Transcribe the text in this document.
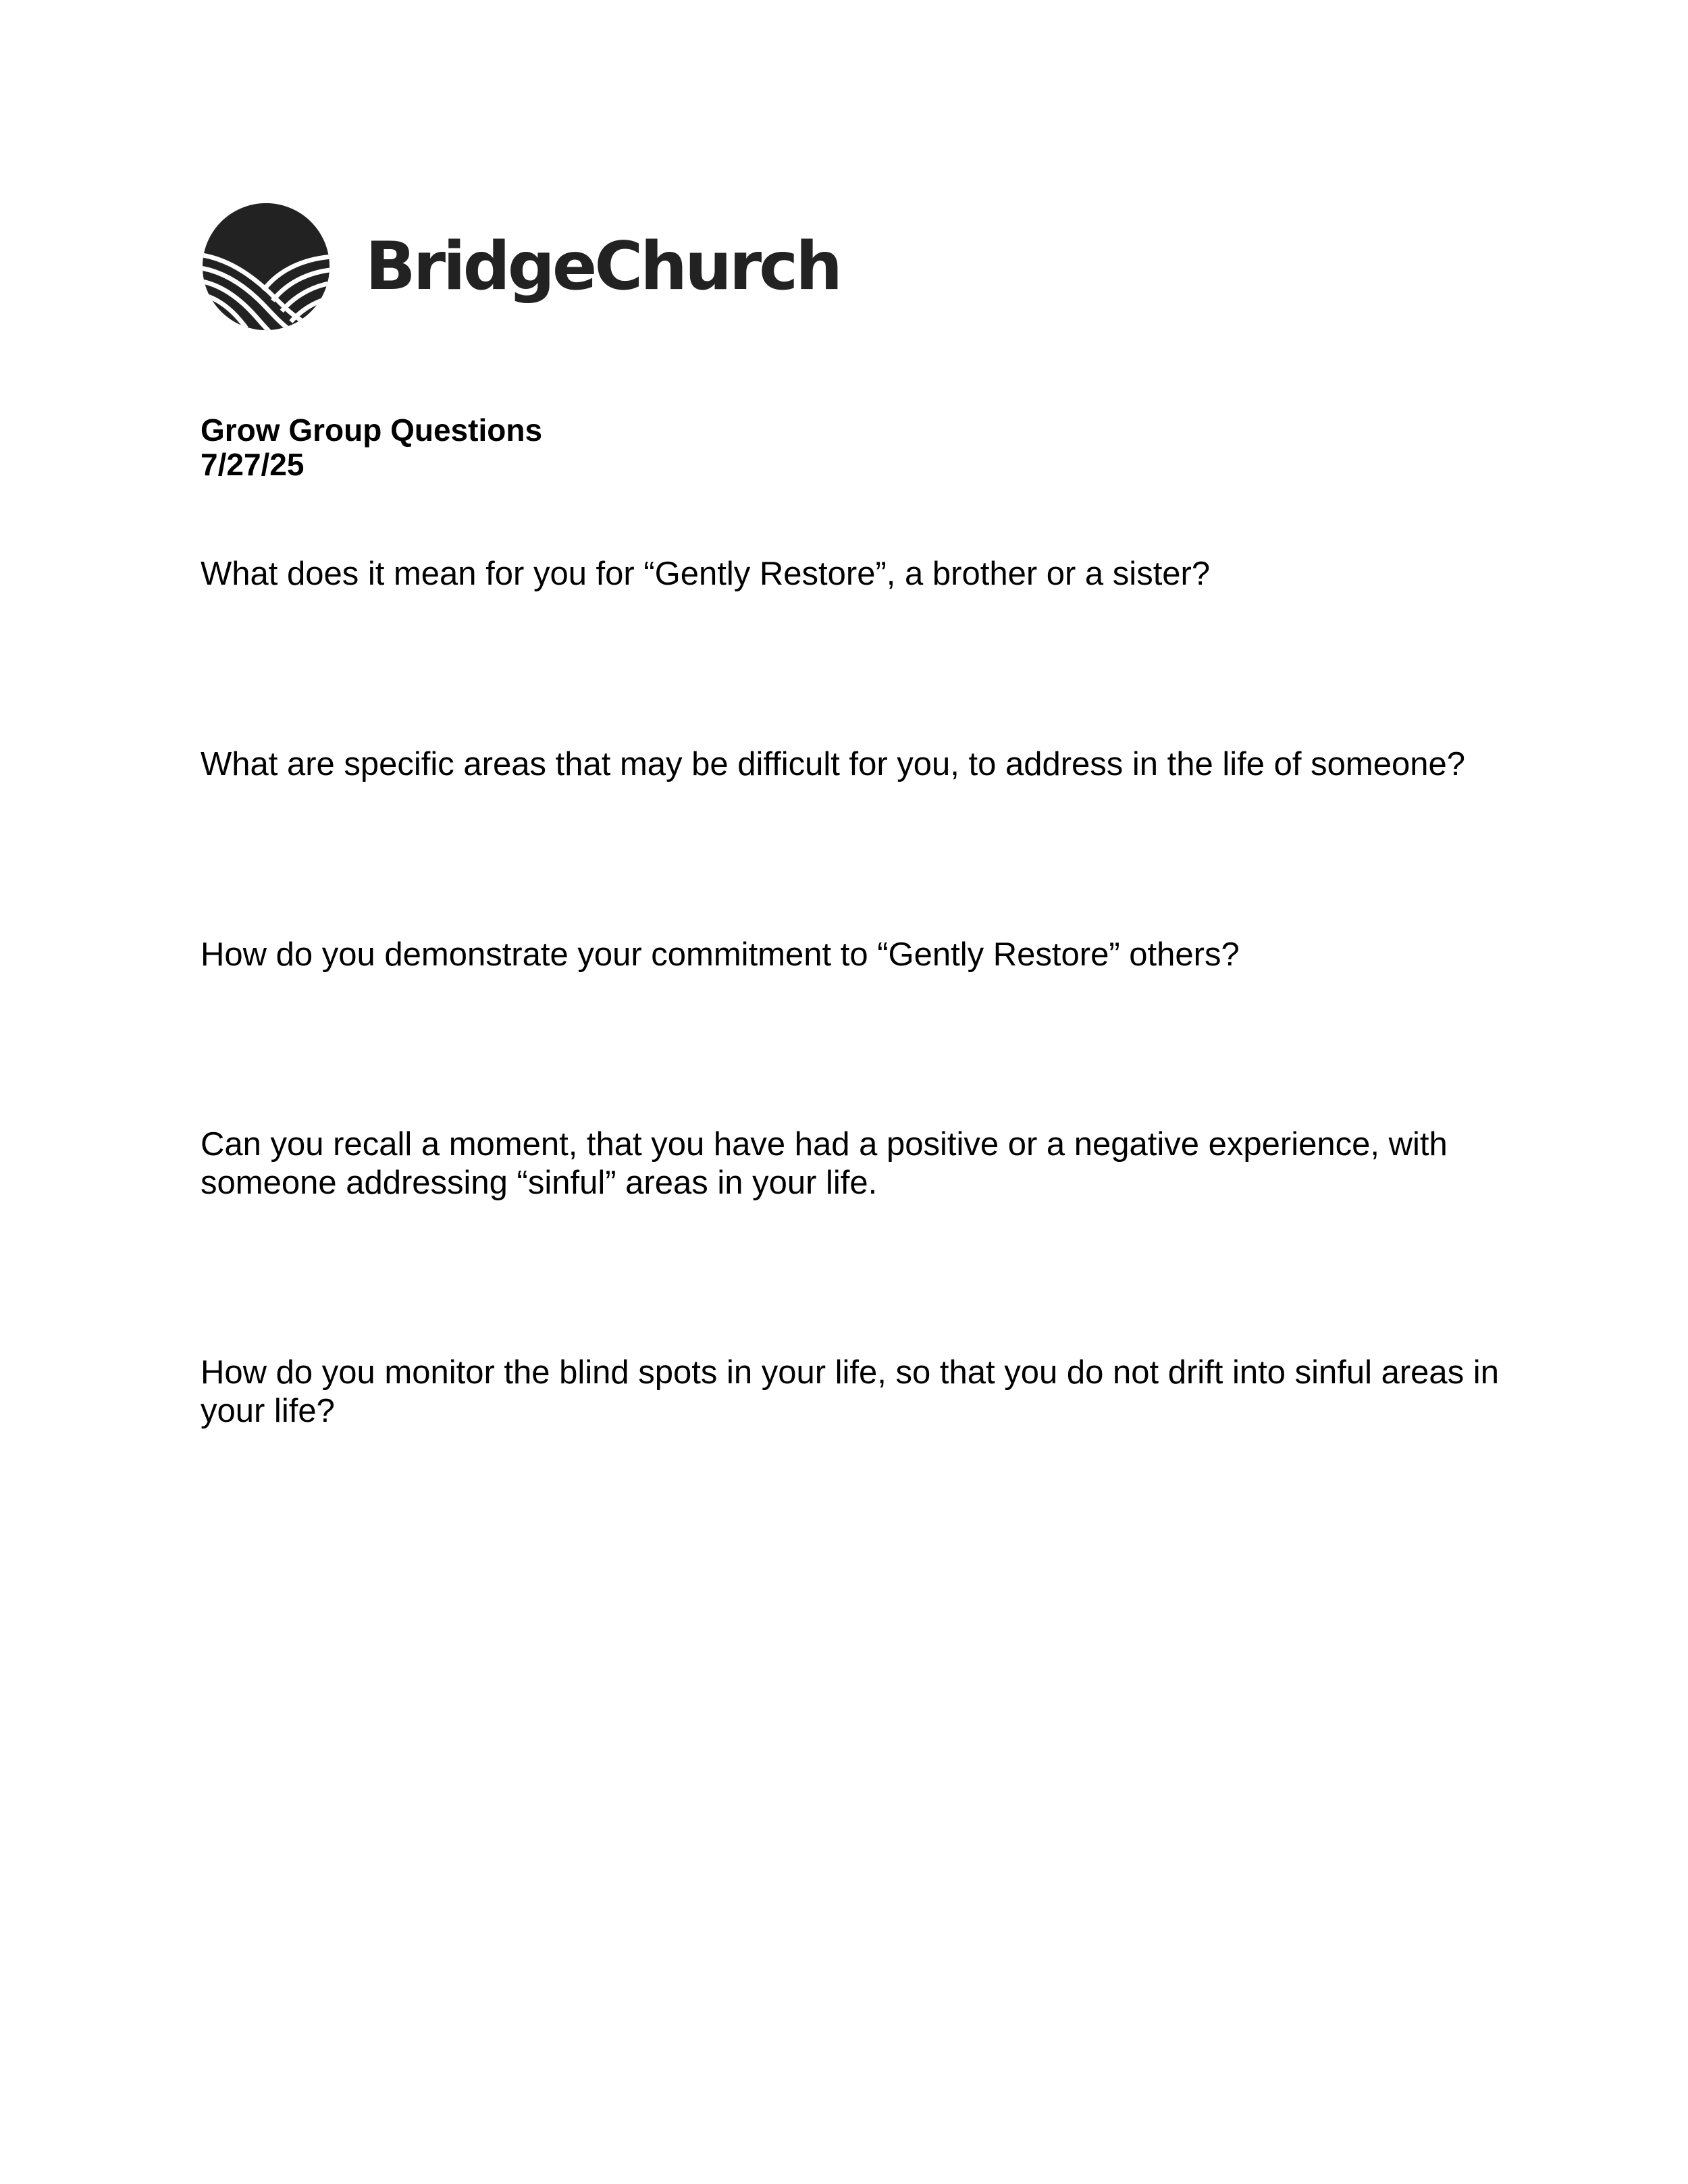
BridgeChurch
Grow Group Questions
7/27/25
What does it mean for you for “Gently Restore”, a brother or a sister?
What are specific areas that may be difficult for you, to address in the life of someone?
How do you demonstrate your commitment to “Gently Restore” others?
Can you recall a moment, that you have had a positive or a negative experience, with someone addressing “sinful” areas in your life.
How do you monitor the blind spots in your life, so that you do not drift into sinful areas in your life?
